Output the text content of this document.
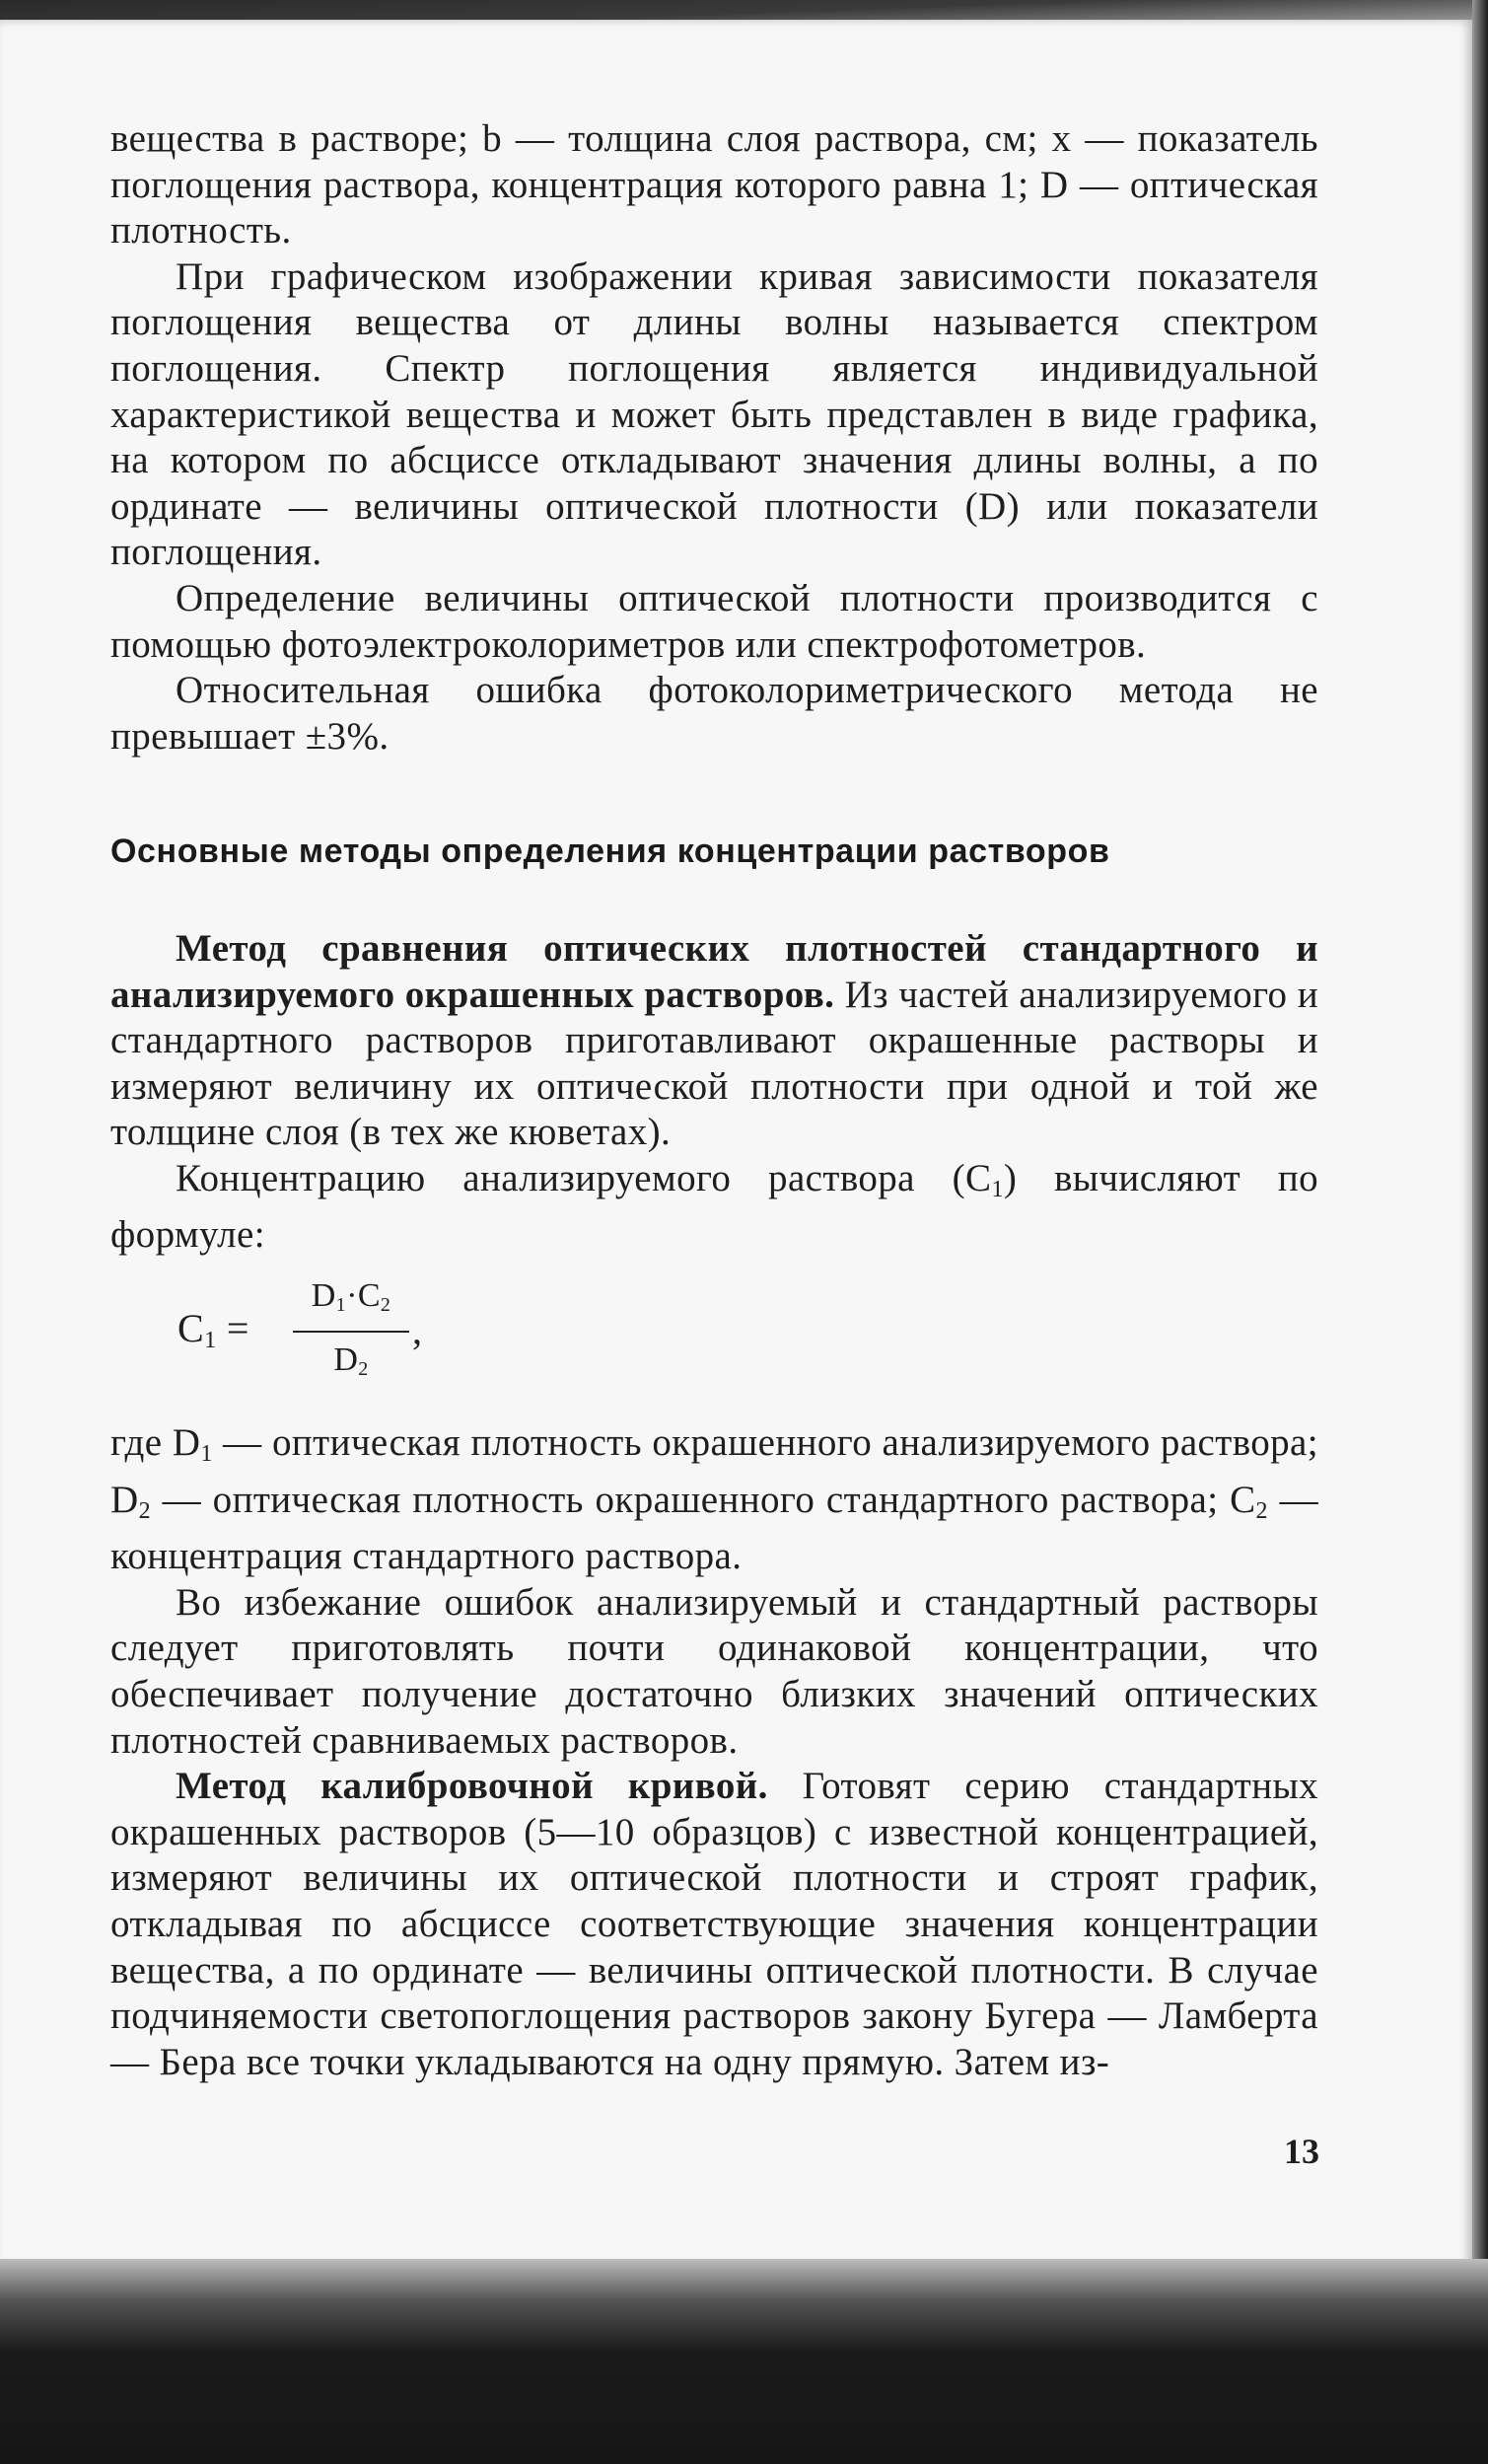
вещества в растворе; b — толщина слоя раствора, см; x — показатель поглощения раствора, концентрация которого равна 1; D — оптическая плотность.

При графическом изображении кривая зависимости показателя поглощения вещества от длины волны называется спектром поглощения. Спектр поглощения является индивидуальной характеристикой вещества и может быть представлен в виде графика, на котором по абсциссе откладывают значения длины волны, а по ординате — величины оптической плотности (D) или показатели поглощения.

Определение величины оптической плотности производится с помощью фотоэлектроколориметров или спектрофотометров.

Относительная ошибка фотоколориметрического метода не превышает ±3%.

Основные методы определения концентрации растворов

Метод сравнения оптических плотностей стандартного и анализируемого окрашенных растворов. Из частей анализируемого и стандартного растворов приготавливают окрашенные растворы и измеряют величину их оптической плотности при одной и той же толщине слоя (в тех же кюветах).

Концентрацию анализируемого раствора $(C_1)$ вычисляют по формуле:

$C_1 = \frac{D_1\cdot C_2}{D_2}$ ,

где $D_1$ — оптическая плотность окрашенного анализируемого раствора; $D_2$ — оптическая плотность окрашенного стандартного раствора; $C_2$ — концентрация стандартного раствора.

Во избежание ошибок анализируемый и стандартный растворы следует приготовлять почти одинаковой концентрации, что обеспечивает получение достаточно близких значений оптических плотностей сравниваемых растворов.

Метод калибровочной кривой. Готовят серию стандартных окрашенных растворов (5—10 образцов) с известной концентрацией, измеряют величины их оптической плотности и строят график, откладывая по абсциссе соответствующие значения концентрации вещества, а по ординате — величины оптической плотности. В случае подчиняемости светопоглощения растворов закону Бугера — Ламберта — Бера все точки укладываются на одну прямую. Затем из-

13
